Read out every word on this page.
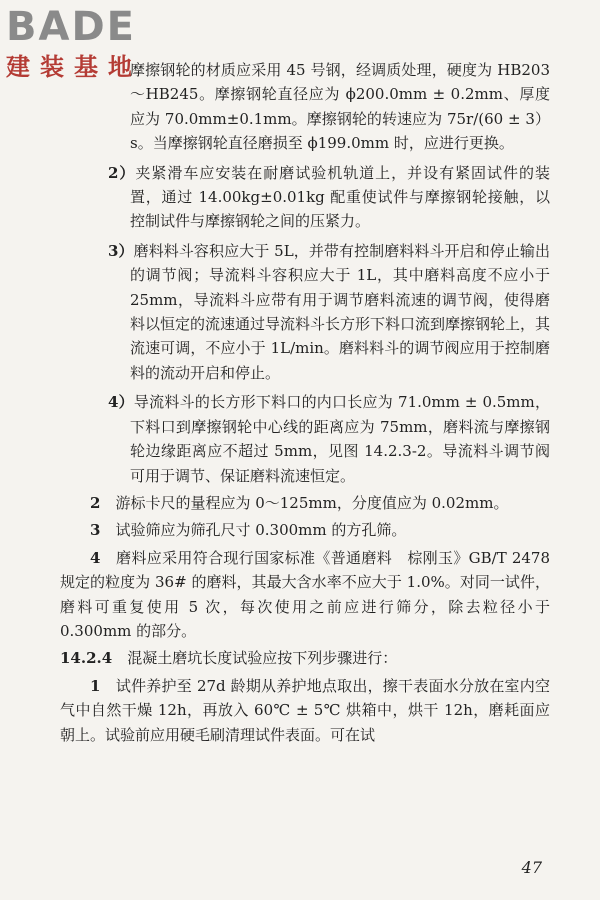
BADE
建装基地

摩擦钢轮的材质应采用 45 号钢，经调质处理，硬度为 HB203～HB245。摩擦钢轮直径应为 ϕ200.0mm ± 0.2mm、厚度应为 70.0mm±0.1mm。摩擦钢轮的转速应为 75r/(60 ± 3）s。当摩擦钢轮直径磨损至 ϕ199.0mm 时，应进行更换。

2）夹紧滑车应安装在耐磨试验机轨道上，并设有紧固试件的装置，通过 14.00kg±0.01kg 配重使试件与摩擦钢轮接触，以控制试件与摩擦钢轮之间的压紧力。

3）磨料料斗容积应大于 5L，并带有控制磨料料斗开启和停止输出的调节阀；导流料斗容积应大于 1L，其中磨料高度不应小于 25mm，导流料斗应带有用于调节磨料流速的调节阀，使得磨料以恒定的流速通过导流料斗长方形下料口流到摩擦钢轮上，其流速可调，不应小于 1L/min。磨料料斗的调节阀应用于控制磨料的流动开启和停止。

4）导流料斗的长方形下料口的内口长应为 71.0mm ± 0.5mm，下料口到摩擦钢轮中心线的距离应为 75mm，磨料流与摩擦钢轮边缘距离应不超过 5mm，见图 14.2.3-2。导流料斗调节阀可用于调节、保证磨料流速恒定。

2　 游标卡尺的量程应为 0～125mm，分度值应为 0.02mm。

3　 试验筛应为筛孔尺寸 0.300mm 的方孔筛。

4　 磨料应采用符合现行国家标准《普通磨料　棕刚玉》GB/T 2478 规定的粒度为 36# 的磨料，其最大含水率不应大于 1.0%。对同一试件，磨料可重复使用 5 次，每次使用之前应进行筛分，除去粒径小于 0.300mm 的部分。

14.2.4　 混凝土磨坑长度试验应按下列步骤进行：

1　 试件养护至 27d 龄期从养护地点取出，擦干表面水分放在室内空气中自然干燥 12h，再放入 60℃ ± 5℃ 烘箱中，烘干 12h，磨耗面应朝上。试验前应用硬毛刷清理试件表面。可在试

47
